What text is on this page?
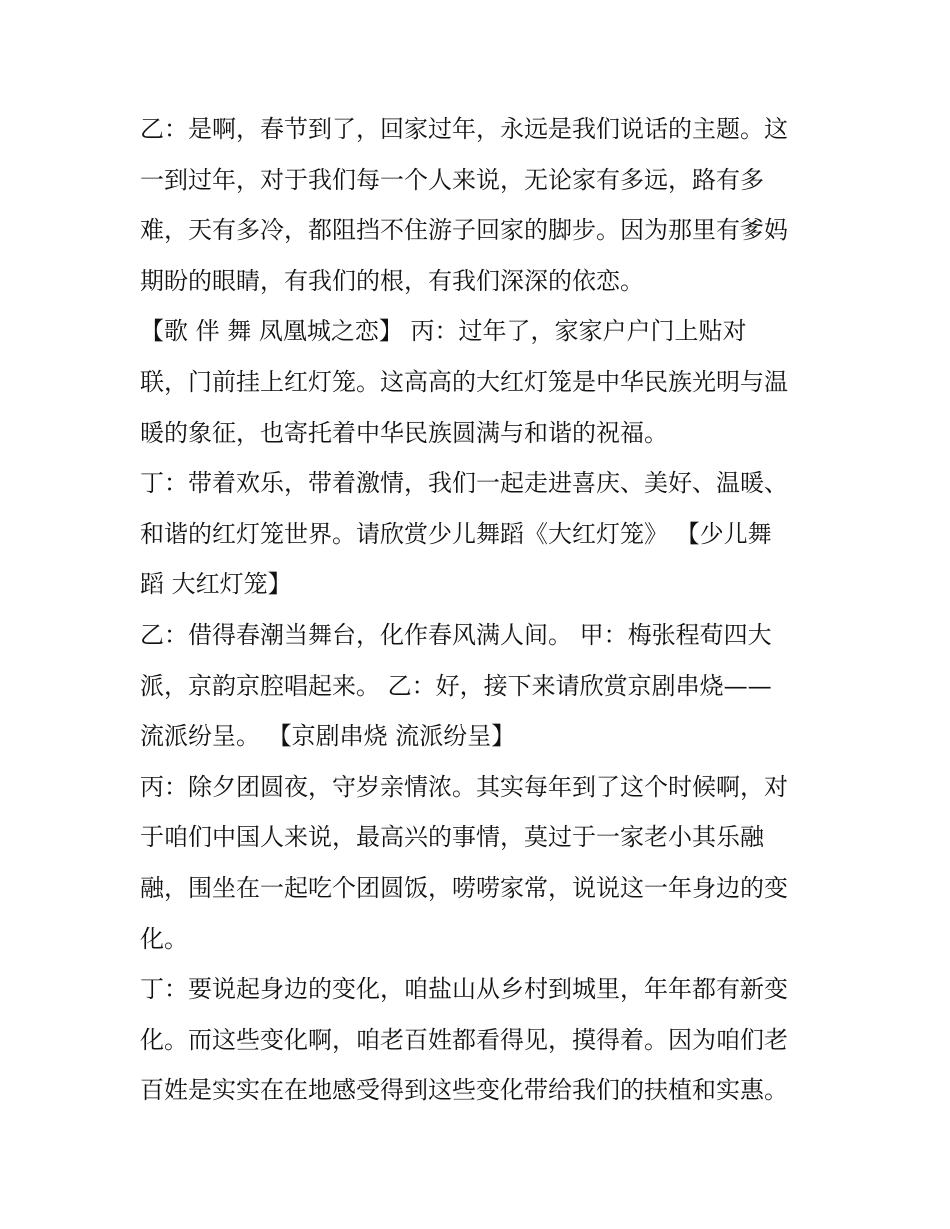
乙：是啊，春节到了，回家过年，永远是我们说话的主题。这
一到过年，对于我们每一个人来说，无论家有多远，路有多
难，天有多冷，都阻挡不住游子回家的脚步。因为那里有爹妈
期盼的眼睛，有我们的根，有我们深深的依恋。
【歌 伴 舞 凤凰城之恋】 丙：过年了，家家户户门上贴对
联，门前挂上红灯笼。这高高的大红灯笼是中华民族光明与温
暖的象征，也寄托着中华民族圆满与和谐的祝福。
丁：带着欢乐，带着激情，我们一起走进喜庆、美好、温暖、
和谐的红灯笼世界。请欣赏少儿舞蹈《大红灯笼》 【少儿舞
蹈 大红灯笼】
乙：借得春潮当舞台，化作春风满人间。 甲：梅张程荀四大
派，京韵京腔唱起来。 乙：好，接下来请欣赏京剧串烧——
流派纷呈。 【京剧串烧 流派纷呈】
丙：除夕团圆夜，守岁亲情浓。其实每年到了这个时候啊，对
于咱们中国人来说，最高兴的事情，莫过于一家老小其乐融
融，围坐在一起吃个团圆饭，唠唠家常，说说这一年身边的变
化。
丁：要说起身边的变化，咱盐山从乡村到城里，年年都有新变
化。而这些变化啊，咱老百姓都看得见，摸得着。因为咱们老
百姓是实实在在地感受得到这些变化带给我们的扶植和实惠。
